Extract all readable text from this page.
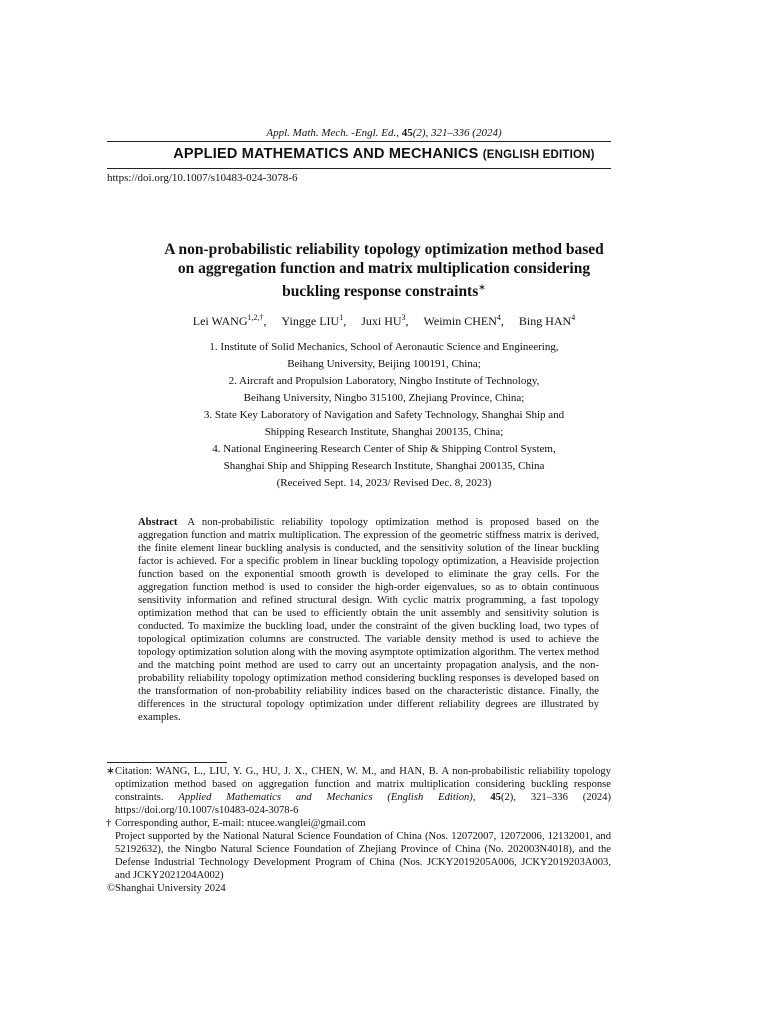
Appl. Math. Mech. -Engl. Ed., 45(2), 321–336 (2024)
APPLIED MATHEMATICS AND MECHANICS (ENGLISH EDITION)
https://doi.org/10.1007/s10483-024-3078-6
A non-probabilistic reliability topology optimization method based
on aggregation function and matrix multiplication considering
buckling response constraints∗
Lei $WANG^{1,2,\dagger}$, Yingge LIU$^1$, Juxi $HU^3$, Weimin CHEN$^4$, Bing HAN$^4$
1. Institute of Solid Mechanics, School of Aeronautic Science and Engineering,
Beihang University, Beijing 100191, China;
2. Aircraft and Propulsion Laboratory, Ningbo Institute of Technology,
Beihang University, Ningbo 315100, Zhejiang Province, China;
3. State Key Laboratory of Navigation and Safety Technology, Shanghai Ship and
Shipping Research Institute, Shanghai 200135, China;
4. National Engineering Research Center of Ship & Shipping Control System,
Shanghai Ship and Shipping Research Institute, Shanghai 200135, China
(Received Sept. 14, 2023/ Revised Dec. 8, 2023)
Abstract A non-probabilistic reliability topology optimization method is proposed based on the aggregation function and matrix multiplication. The expression of the geometric stiffness matrix is derived, the finite element linear buckling analysis is conducted, and the sensitivity solution of the linear buckling factor is achieved. For a specific problem in linear buckling topology optimization, a Heaviside projection function based on the exponential smooth growth is developed to eliminate the gray cells. For the aggregation function method is used to consider the high-order eigenvalues, so as to obtain continuous sensitivity information and refined structural design. With cyclic matrix programming, a fast topology optimization method that can be used to efficiently obtain the unit assembly and sensitivity solution is conducted. To maximize the buckling load, under the constraint of the given buckling load, two types of topological optimization columns are constructed. The variable density method is used to achieve the topology optimization solution along with the moving asymptote optimization algorithm. The vertex method and the matching point method are used to carry out an uncertainty propagation analysis, and the non-probability reliability topology optimization method considering buckling responses is developed based on the transformation of non-probability reliability indices based on the characteristic distance. Finally, the differences in the structural topology optimization under different reliability degrees are illustrated by examples.
∗ Citation: WANG, L., LIU, Y. G., HU, J. X., CHEN, W. M., and HAN, B. A non-probabilistic reliability topology optimization method based on aggregation function and matrix multiplication considering buckling response constraints. Applied Mathematics and Mechanics (English Edition), 45(2), 321–336 (2024) https://doi.org/10.1007/s10483-024-3078-6
† Corresponding author, E-mail: ntucee.wanglei@gmail.com
Project supported by the National Natural Science Foundation of China (Nos. 12072007, 12072006, 12132001, and 52192632), the Ningbo Natural Science Foundation of Zhejiang Province of China (No. 202003N4018), and the Defense Industrial Technology Development Program of China (Nos. JCKY2019205A006, JCKY2019203A003, and JCKY2021204A002)
©Shanghai University 2024
